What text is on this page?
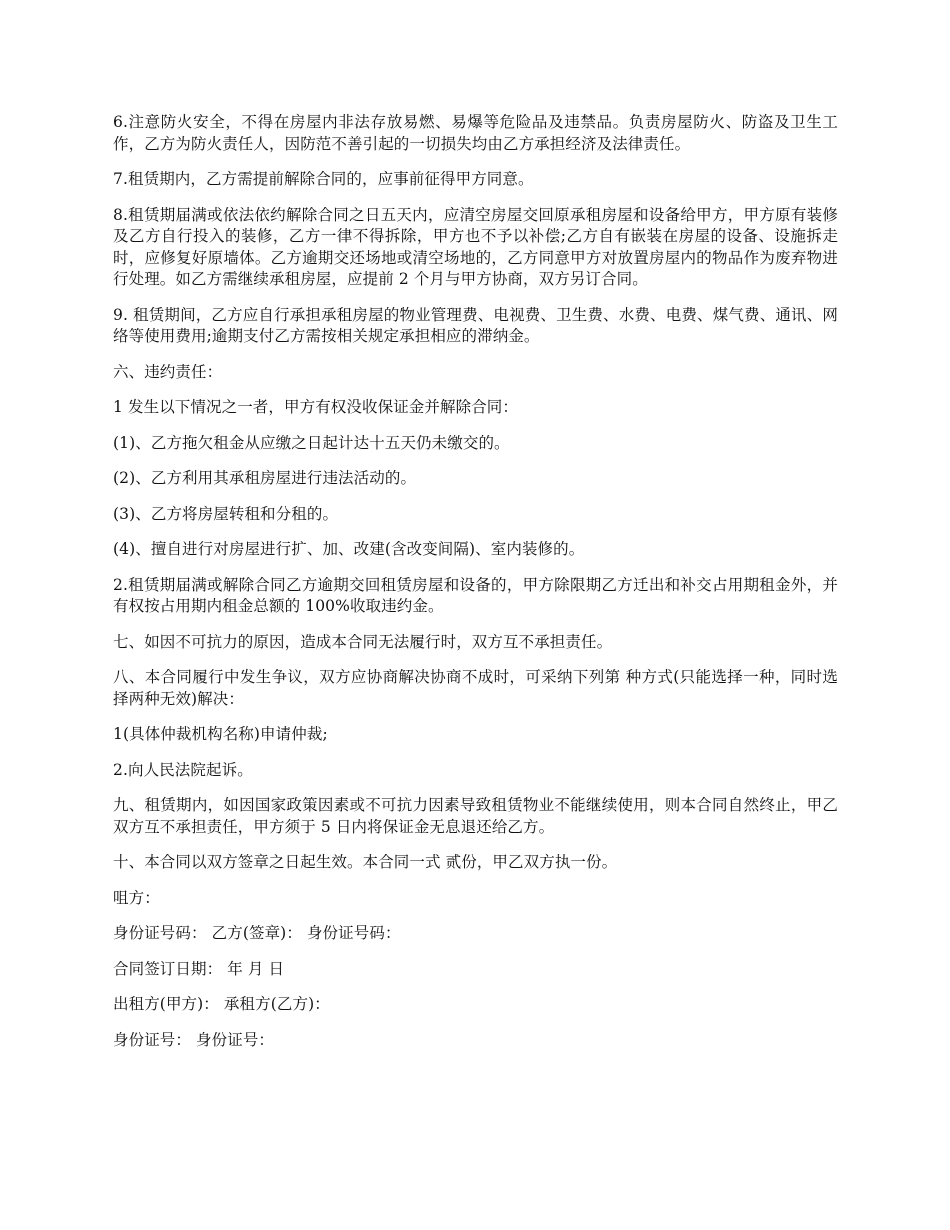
6.注意防火安全，不得在房屋内非法存放易燃、易爆等危险品及违禁品。负责房屋防火、防盗及卫生工作，乙方为防火责任人，因防范不善引起的一切损失均由乙方承担经济及法律责任。

7.租赁期内，乙方需提前解除合同的，应事前征得甲方同意。

8.租赁期届满或依法依约解除合同之日五天内，应清空房屋交回原承租房屋和设备给甲方，甲方原有装修及乙方自行投入的装修，乙方一律不得拆除，甲方也不予以补偿;乙方自有嵌装在房屋的设备、设施拆走时，应修复好原墙体。乙方逾期交还场地或清空场地的，乙方同意甲方对放置房屋内的物品作为废弃物进行处理。如乙方需继续承租房屋，应提前 2 个月与甲方协商，双方另订合同。

9. 租赁期间，乙方应自行承担承租房屋的物业管理费、电视费、卫生费、水费、电费、煤气费、通讯、网络等使用费用;逾期支付乙方需按相关规定承担相应的滞纳金。

六、违约责任：

1 发生以下情况之一者，甲方有权没收保证金并解除合同：

(1)、乙方拖欠租金从应缴之日起计达十五天仍未缴交的。

(2)、乙方利用其承租房屋进行违法活动的。

(3)、乙方将房屋转租和分租的。

(4)、擅自进行对房屋进行扩、加、改建(含改变间隔)、室内装修的。

2.租赁期届满或解除合同乙方逾期交回租赁房屋和设备的，甲方除限期乙方迁出和补交占用期租金外，并有权按占用期内租金总额的 100%收取违约金。

七、如因不可抗力的原因，造成本合同无法履行时，双方互不承担责任。

八、本合同履行中发生争议，双方应协商解决协商不成时，可采纳下列第 种方式(只能选择一种，同时选择两种无效)解决：

1(具体仲裁机构名称)申请仲裁;

2.向人民法院起诉。

九、租赁期内，如因国家政策因素或不可抗力因素导致租赁物业不能继续使用，则本合同自然终止，甲乙双方互不承担责任，甲方须于 5 日内将保证金无息退还给乙方。

十、本合同以双方签章之日起生效。本合同一式 贰份，甲乙双方执一份。

咀方：

身份证号码： 乙方(签章)： 身份证号码：

合同签订日期： 年 月 日

出租方(甲方)： 承租方(乙方)：

身份证号： 身份证号：
